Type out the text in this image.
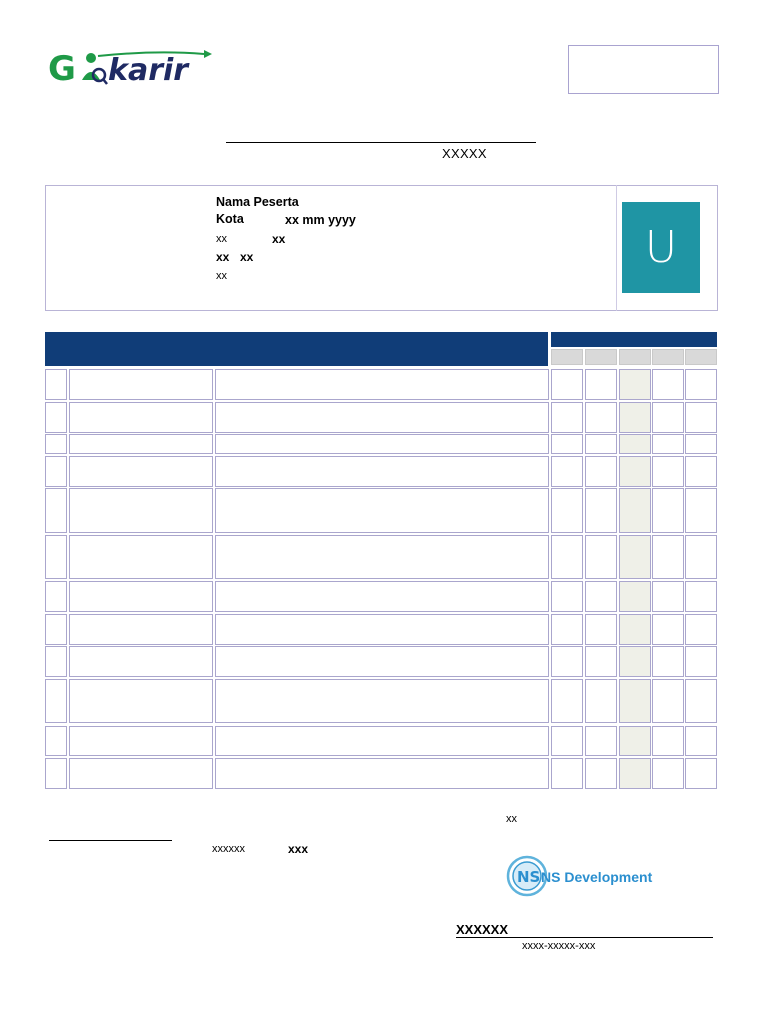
G karir
XXXXX
Nama Peserta
Kota	xx mm yyyy
xx	xx
xx xx
xx
U
xx
xxxxxx	xxx
NS NS Development
XXXXXX
xxxx-xxxxx-xxx
